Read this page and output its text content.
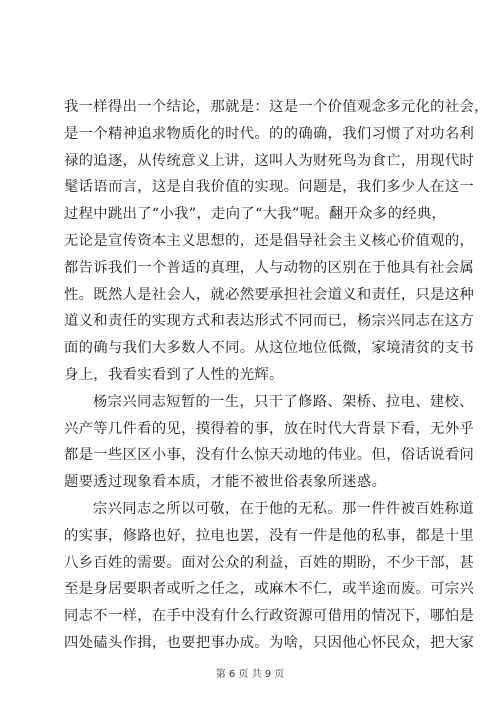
我一样得出一个结论，那就是：这是一个价值观念多元化的社会，
是一个精神追求物质化的时代。的的确确，我们习惯了对功名利
禄的追逐，从传统意义上讲，这叫人为财死鸟为食亡，用现代时
髦话语而言，这是自我价值的实现。问题是，我们多少人在这一
过程中跳出了“小我”，走向了“大我”呢。翻开众多的经典，
无论是宣传资本主义思想的，还是倡导社会主义核心价值观的，
都告诉我们一个普适的真理，人与动物的区别在于他具有社会属
性。既然人是社会人，就必然要承担社会道义和责任，只是这种
道义和责任的实现方式和表达形式不同而已，杨宗兴同志在这方
面的确与我们大多数人不同。从这位地位低微，家境清贫的支书
身上，我看实看到了人性的光辉。
杨宗兴同志短暂的一生，只干了修路、架桥、拉电、建校、
兴产等几件看的见，摸得着的事，放在时代大背景下看，无外乎
都是一些区区小事，没有什么惊天动地的伟业。但，俗话说看问
题要透过现象看本质，才能不被世俗表象所迷惑。
宗兴同志之所以可敬，在于他的无私。那一件件被百姓称道
的实事，修路也好，拉电也罢，没有一件是他的私事，都是十里
八乡百姓的需要。面对公众的利益，百姓的期盼，不少干部，甚
至是身居要职者或听之任之，或麻木不仁，或半途而废。可宗兴
同志不一样，在手中没有什么行政资源可借用的情况下，哪怕是
四处磕头作揖，也要把事办成。为啥，只因他心怀民众，把大家
第 6 页 共 9 页
